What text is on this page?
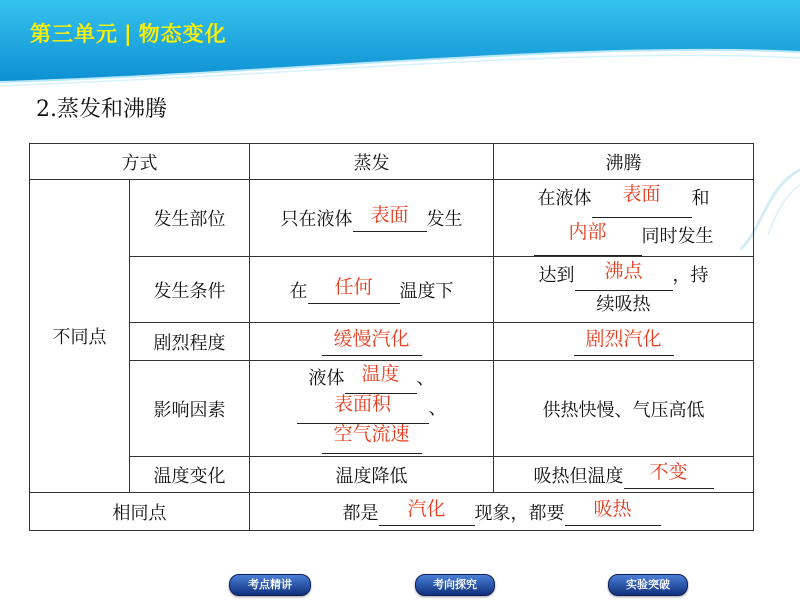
第三单元 | 物态变化
2.蒸发和沸腾
方式		蒸发	沸腾
不同点	发生部位	只在液体 表面 发生	在液体 表面 和
内部 同时发生

	发生条件	在 任何 温度下	达到 沸点 ，持
续吸热

	剧烈程度	缓慢汽化	剧烈汽化
	影响因素	液体 温度 、
表面积 、
空气流速	供热快慢、气压高低
	温度变化	温度降低	吸热但温度 不变
相同点		都是 汽化 现象，都要 吸热	
考点精讲	考向探究	实验突破
